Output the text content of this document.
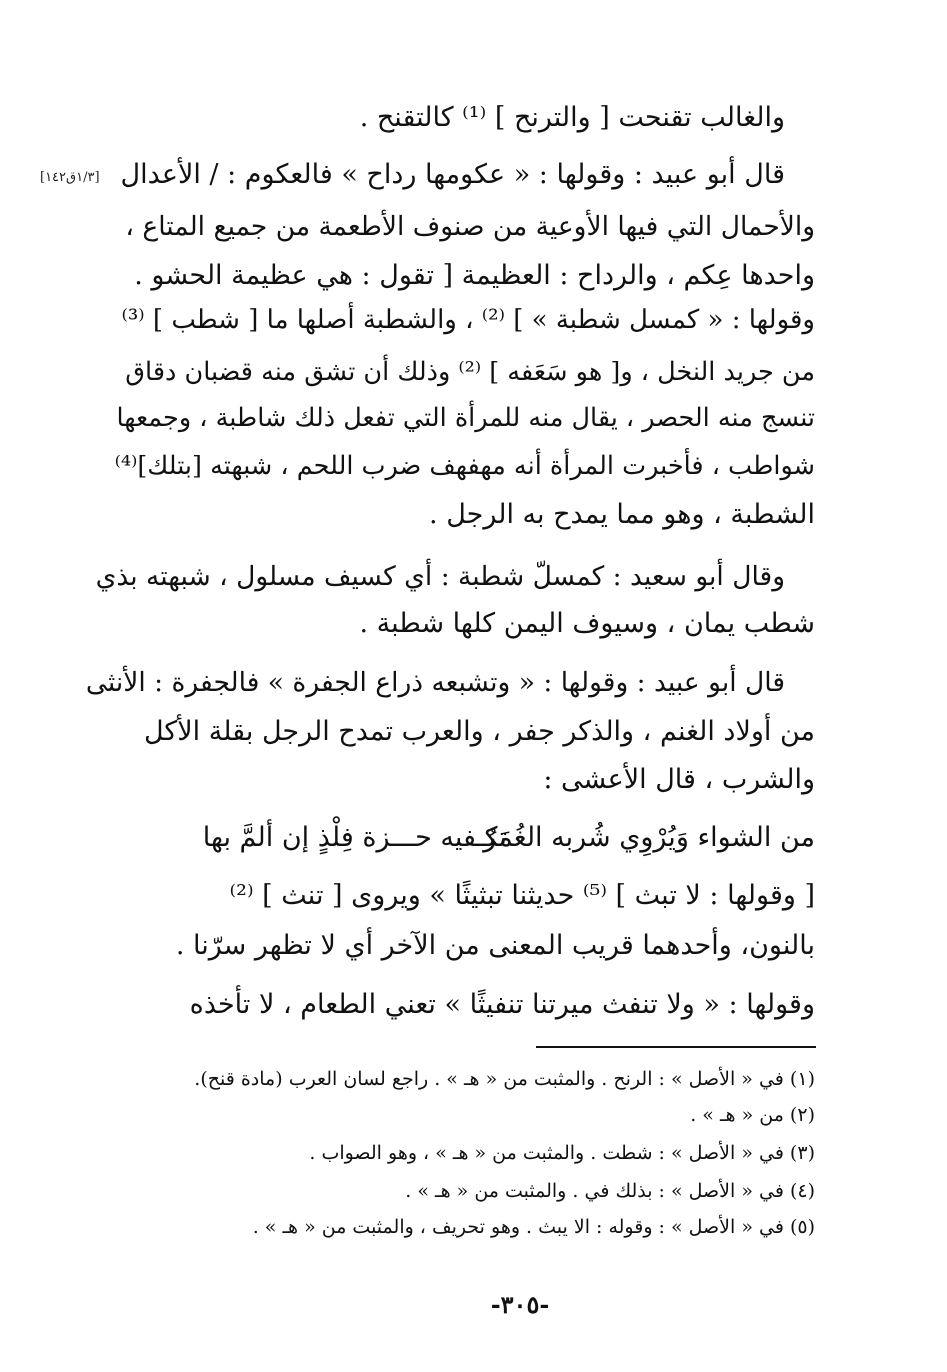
والغالب تقنحت [ والترنح ] ⁽¹⁾ كالتقنح .
قال أبو عبيد : وقولها : « عكومها رداح » فالعكوم : / الأعدال
[١/٣ق١٤٢]
والأحمال التي فيها الأوعية من صنوف الأطعمة من جميع المتاع ،
واحدها عِكم ، والرداح : العظيمة [ تقول : هي عظيمة الحشو .
وقولها : « كمسل شطبة » ] ⁽²⁾ ، والشطبة أصلها ما [ شطب ] ⁽³⁾
من جريد النخل ، و[ هو سَعَفه ] ⁽²⁾ وذلك أن تشق منه قضبان دقاق
تنسج منه الحصر ، يقال منه للمرأة التي تفعل ذلك شاطبة ، وجمعها
شواطب ، فأخبرت المرأة أنه مهفهف ضرب اللحم ، شبهته [بتلك]⁽⁴⁾
الشطبة ، وهو مما يمدح به الرجل .
وقال أبو سعيد : كمسلّ شطبة : أي كسيف مسلول ، شبهته بذي
شطب يمان ، وسيوف اليمن كلها شطبة .
قال أبو عبيد : وقولها : « وتشبعه ذراع الجفرة » فالجفرة : الأنثى
من أولاد الغنم ، والذكر جفر ، والعرب تمدح الرجل بقلة الأكل
والشرب ، قال الأعشى :
تكـفيه حـــزة فِلْذٍ إن ألمَّ بها
من الشواء وَيُرْوِي شُربه الغُمَرُ
[ وقولها : لا تبث ] ⁽⁵⁾ حديثنا تبثيثًا » ويروى [ تنث ] ⁽²⁾
بالنون، وأحدهما قريب المعنى من الآخر أي لا تظهر سرّنا .
وقولها : « ولا تنفث ميرتنا تنفيثًا » تعني الطعام ، لا تأخذه
(١) في « الأصل » : الرنح . والمثبت من « هـ » . راجع لسان العرب (مادة قنح).
(٢) من « هـ » .
(٣) في « الأصل » : شطت . والمثبت من « هـ » ، وهو الصواب .
(٤) في « الأصل » : بذلك في . والمثبت من « هـ » .
(٥) في « الأصل » : وقوله : الا يبث . وهو تحريف ، والمثبت من « هـ » .
-٣٠٥-
